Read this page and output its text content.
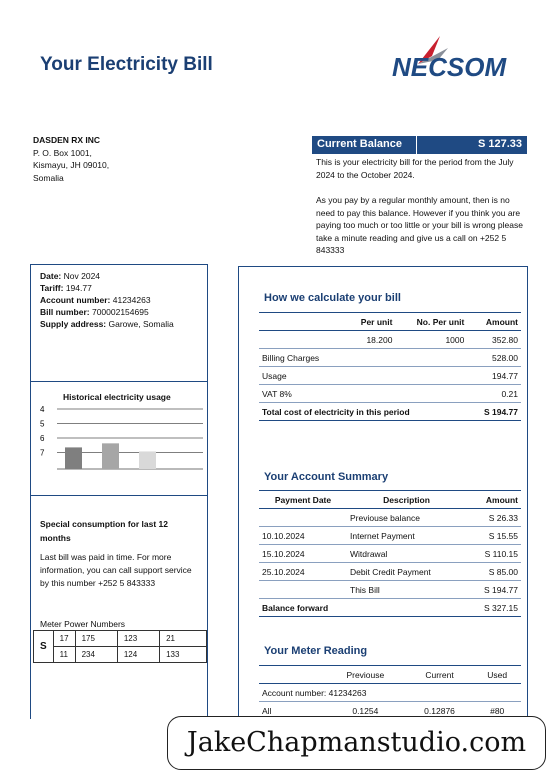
Your Electricity Bill	NECSOM
DASDEN RX INC
P. O. Box 1001,
Kismayu, JH 09010,
Somalia
Current Balance	S 127.33

This is your electricity bill for the period from the July 2024 to the October 2024.

As you pay by a regular monthly amount, then is no need to pay this balance. However if you think you are paying too much or too little or your bill is wrong please take a minute reading and give us a call on +252 5 843333

Date: Nov 2024
Tariff: 194.77
Account number: 41234263
Bill number: 700002154695
Supply address: Garowe, Somalia
Historical electricity usage
4
5
6
7
Special consumption for last 12 months
Last bill was paid in time. For more information, you can call support service by this number +252 5 843333
Meter Power Numbers
S	17	175	123	21
	11	234	124	133
How we calculate your bill
	Per unit	No. Per unit	Amount
	18.200	1000	352.80
Billing Charges			528.00
Usage			194.77
VAT 8%			0.21
Total cost of electricity in this period			S 194.77
Your Account Summary
Payment Date	Description	Amount
	Previouse balance	S 26.33
10.10.2024	Internet Payment	S 15.55
15.10.2024	Witdrawal	S 110.15
25.10.2024	Debit Credit Payment	S 85.00
	This Bill	S 194.77
Balance forward		S 327.15
Your Meter Reading
	Previouse	Current	Used
Account number: 41234263			
All	0.1254	0.12876	#80
JakeChapmanstudio.com
